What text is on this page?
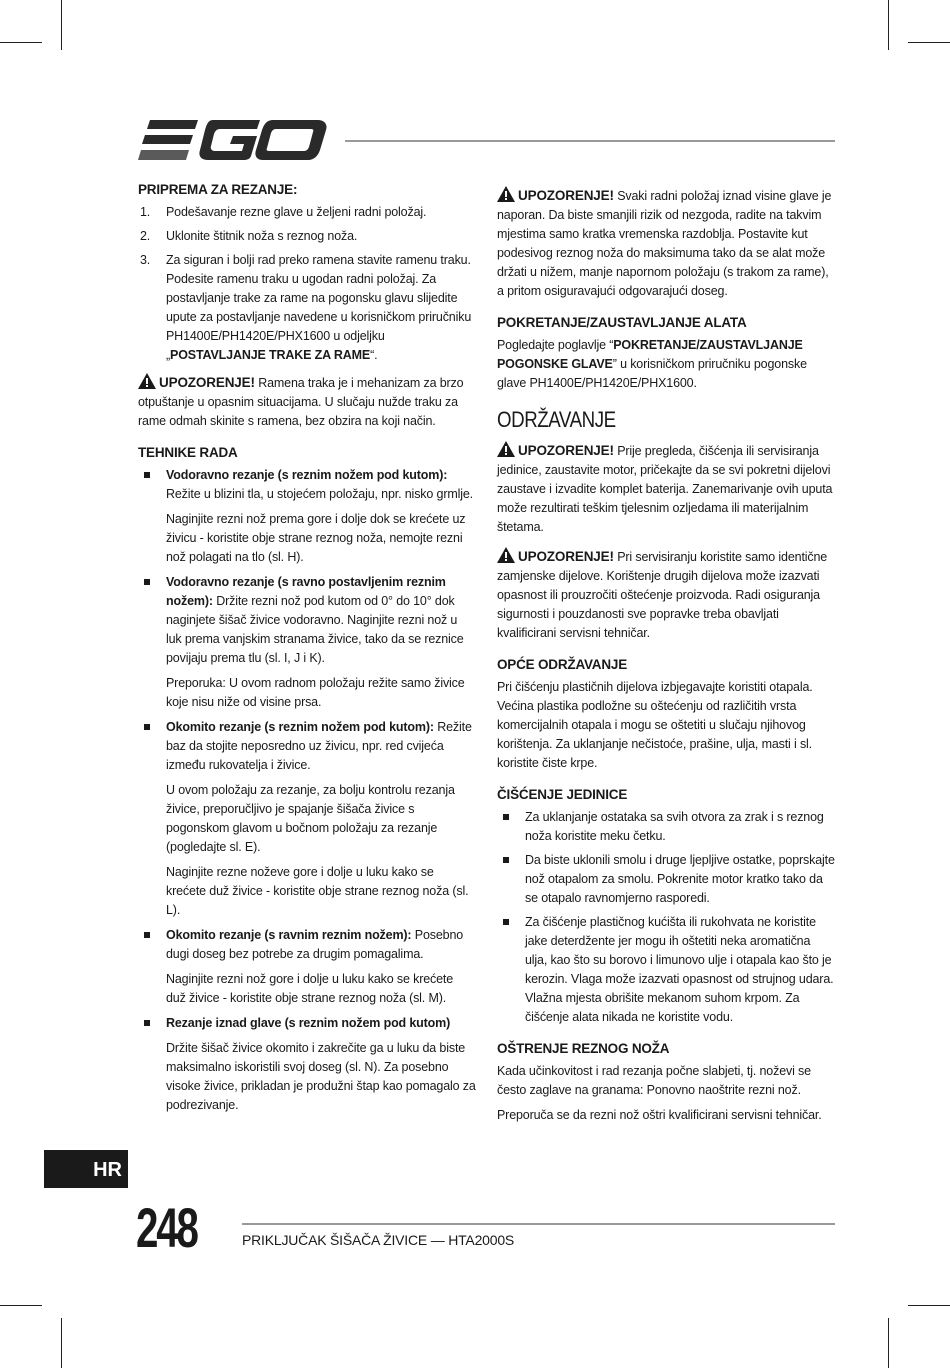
PRIPREMA ZA REZANJE:
1. Podešavanje rezne glave u željeni radni položaj.
2. Uklonite štitnik noža s reznog noža.
3. Za siguran i bolji rad preko ramena stavite ramenu traku. Podesite ramenu traku u ugodan radni položaj. Za postavljanje trake za rame na pogonsku glavu slijedite upute za postavljanje navedene u korisničkom priručniku PH1400E/PH1420E/PHX1600 u odjeljku „POSTAVLJANJE TRAKE ZA RAME“.

UPOZORENJE! Ramena traka je i mehanizam za brzo otpuštanje u opasnim situacijama. U slučaju nužde traku za rame odmah skinite s ramena, bez obzira na koji način.

TEHNIKE RADA

Vodoravno rezanje (s reznim nožem pod kutom): Režite u blizini tla, u stojećem položaju, npr. nisko grmlje.

Naginjite rezni nož prema gore i dolje dok se krećete uz živicu - koristite obje strane reznog noža, nemojte rezni nož polagati na tlo (sl. H).

Vodoravno rezanje (s ravno postavljenim reznim nožem): Držite rezni nož pod kutom od 0° do 10° dok naginjete šišač živice vodoravno. Naginjite rezni nož u luk prema vanjskim stranama živice, tako da se reznice povijaju prema tlu (sl. I, J i K).

Preporuka: U ovom radnom položaju režite samo živice koje nisu niže od visine prsa.

Okomito rezanje (s reznim nožem pod kutom): Režite baz da stojite neposredno uz živicu, npr. red cvijeća između rukovatelja i živice.

U ovom položaju za rezanje, za bolju kontrolu rezanja živice, preporučljivo je spajanje šišača živice s pogonskom glavom u bočnom položaju za rezanje (pogledajte sl. E).

Naginjite rezne noževe gore i dolje u luku kako se krećete duž živice - koristite obje strane reznog noža (sl. L).

Okomito rezanje (s ravnim reznim nožem): Posebno dugi doseg bez potrebe za drugim pomagalima.

Naginjite rezni nož gore i dolje u luku kako se krećete duž živice - koristite obje strane reznog noža (sl. M).

Rezanje iznad glave (s reznim nožem pod kutom)

Držite šišač živice okomito i zakrečite ga u luku da biste maksimalno iskoristili svoj doseg (sl. N). Za posebno visoke živice, prikladan je produžni štap kao pomagalo za podrezivanje.

UPOZORENJE! Svaki radni položaj iznad visine glave je naporan. Da biste smanjili rizik od nezgoda, radite na takvim mjestima samo kratka vremenska razdoblja. Postavite kut podesivog reznog noža do maksimuma tako da se alat može držati u nižem, manje napornom položaju (s trakom za rame), a pritom osiguravajući odgovarajući doseg.

POKRETANJE/ZAUSTAVLJANJE ALATA

Pogledajte poglavlje “POKRETANJE/ZAUSTAVLJANJE POGONSKE GLAVE” u korisničkom priručniku pogonske glave PH1400E/PH1420E/PHX1600.

ODRŽAVANJE

UPOZORENJE! Prije pregleda, čišćenja ili servisiranja jedinice, zaustavite motor, pričekajte da se svi pokretni dijelovi zaustave i izvadite komplet baterija. Zanemarivanje ovih uputa može rezultirati teškim tjelesnim ozljedama ili materijalnim štetama.

UPOZORENJE! Pri servisiranju koristite samo identične zamjenske dijelove. Korištenje drugih dijelova može izazvati opasnost ili prouzročiti oštećenje proizvoda. Radi osiguranja sigurnosti i pouzdanosti sve popravke treba obavljati kvalificirani servisni tehničar.

OPĆE ODRŽAVANJE

Pri čišćenju plastičnih dijelova izbjegavajte koristiti otapala. Većina plastika podložne su oštećenju od različitih vrsta komercijalnih otapala i mogu se oštetiti u slučaju njihovog korištenja. Za uklanjanje nečistoće, prašine, ulja, masti i sl. koristite čiste krpe.

ČIŠĆENJE JEDINICE

Za uklanjanje ostataka sa svih otvora za zrak i s reznog noža koristite meku četku.

Da biste uklonili smolu i druge ljepljive ostatke, poprskajte nož otapalom za smolu. Pokrenite motor kratko tako da se otapalo ravnomjerno rasporedi.

Za čišćenje plastičnog kućišta ili rukohvata ne koristite jake deterdžente jer mogu ih oštetiti neka aromatična ulja, kao što su borovo i limunovo ulje i otapala kao što je kerozin. Vlaga može izazvati opasnost od strujnog udara. Vlažna mjesta obrišite mekanom suhom krpom. Za čišćenje alata nikada ne koristite vodu.

OŠTRENJE REZNOG NOŽA

Kada učinkovitost i rad rezanja počne slabjeti, tj. noževi se često zaglave na granama: Ponovno naoštrite rezni nož.

Preporuča se da rezni nož oštri kvalificirani servisni tehničar.

HR
248	PRIKLJUČAK ŠIŠAČA ŽIVICE — HTA2000S
